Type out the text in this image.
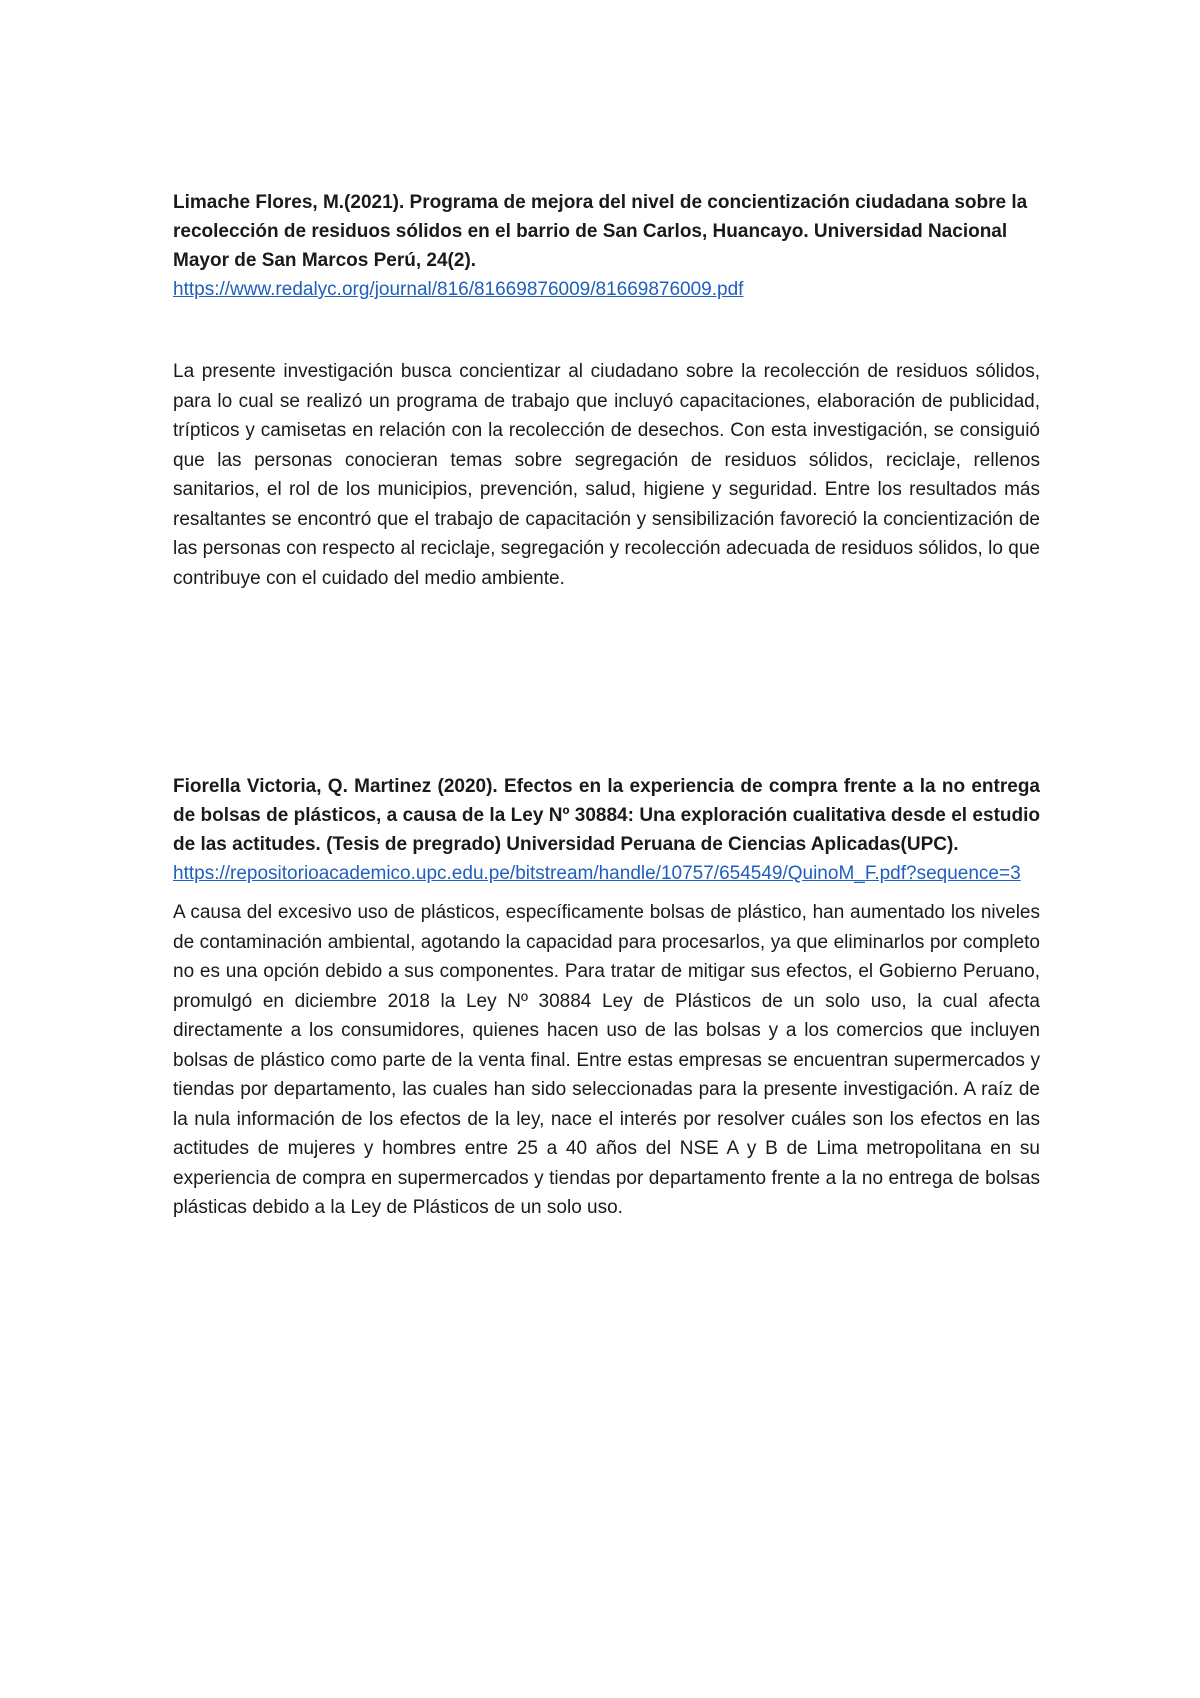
Limache Flores, M.(2021). Programa de mejora del nivel de concientización ciudadana sobre la recolección de residuos sólidos en el barrio de San Carlos, Huancayo. Universidad Nacional Mayor de San Marcos Perú, 24(2).

https://www.redalyc.org/journal/816/81669876009/81669876009.pdf

La presente investigación busca concientizar al ciudadano sobre la recolección de residuos sólidos, para lo cual se realizó un programa de trabajo que incluyó capacitaciones, elaboración de publicidad, trípticos y camisetas en relación con la recolección de desechos. Con esta investigación, se consiguió que las personas conocieran temas sobre segregación de residuos sólidos, reciclaje, rellenos sanitarios, el rol de los municipios, prevención, salud, higiene y seguridad. Entre los resultados más resaltantes se encontró que el trabajo de capacitación y sensibilización favoreció la concientización de las personas con respecto al reciclaje, segregación y recolección adecuada de residuos sólidos, lo que contribuye con el cuidado del medio ambiente.

Fiorella Victoria, Q. Martinez (2020). Efectos en la experiencia de compra frente a la no entrega de bolsas de plásticos, a causa de la Ley Nº 30884: Una exploración cualitativa desde el estudio de las actitudes. (Tesis de pregrado) Universidad Peruana de Ciencias Aplicadas(UPC).

https://repositorioacademico.upc.edu.pe/bitstream/handle/10757/654549/QuinoM_F.pdf?sequence=3

A causa del excesivo uso de plásticos, específicamente bolsas de plástico, han aumentado los niveles de contaminación ambiental, agotando la capacidad para procesarlos, ya que eliminarlos por completo no es una opción debido a sus componentes. Para tratar de mitigar sus efectos, el Gobierno Peruano, promulgó en diciembre 2018 la Ley Nº 30884 Ley de Plásticos de un solo uso, la cual afecta directamente a los consumidores, quienes hacen uso de las bolsas y a los comercios que incluyen bolsas de plástico como parte de la venta final. Entre estas empresas se encuentran supermercados y tiendas por departamento, las cuales han sido seleccionadas para la presente investigación. A raíz de la nula información de los efectos de la ley, nace el interés por resolver cuáles son los efectos en las actitudes de mujeres y hombres entre 25 a 40 años del NSE A y B de Lima metropolitana en su experiencia de compra en supermercados y tiendas por departamento frente a la no entrega de bolsas plásticas debido a la Ley de Plásticos de un solo uso.
